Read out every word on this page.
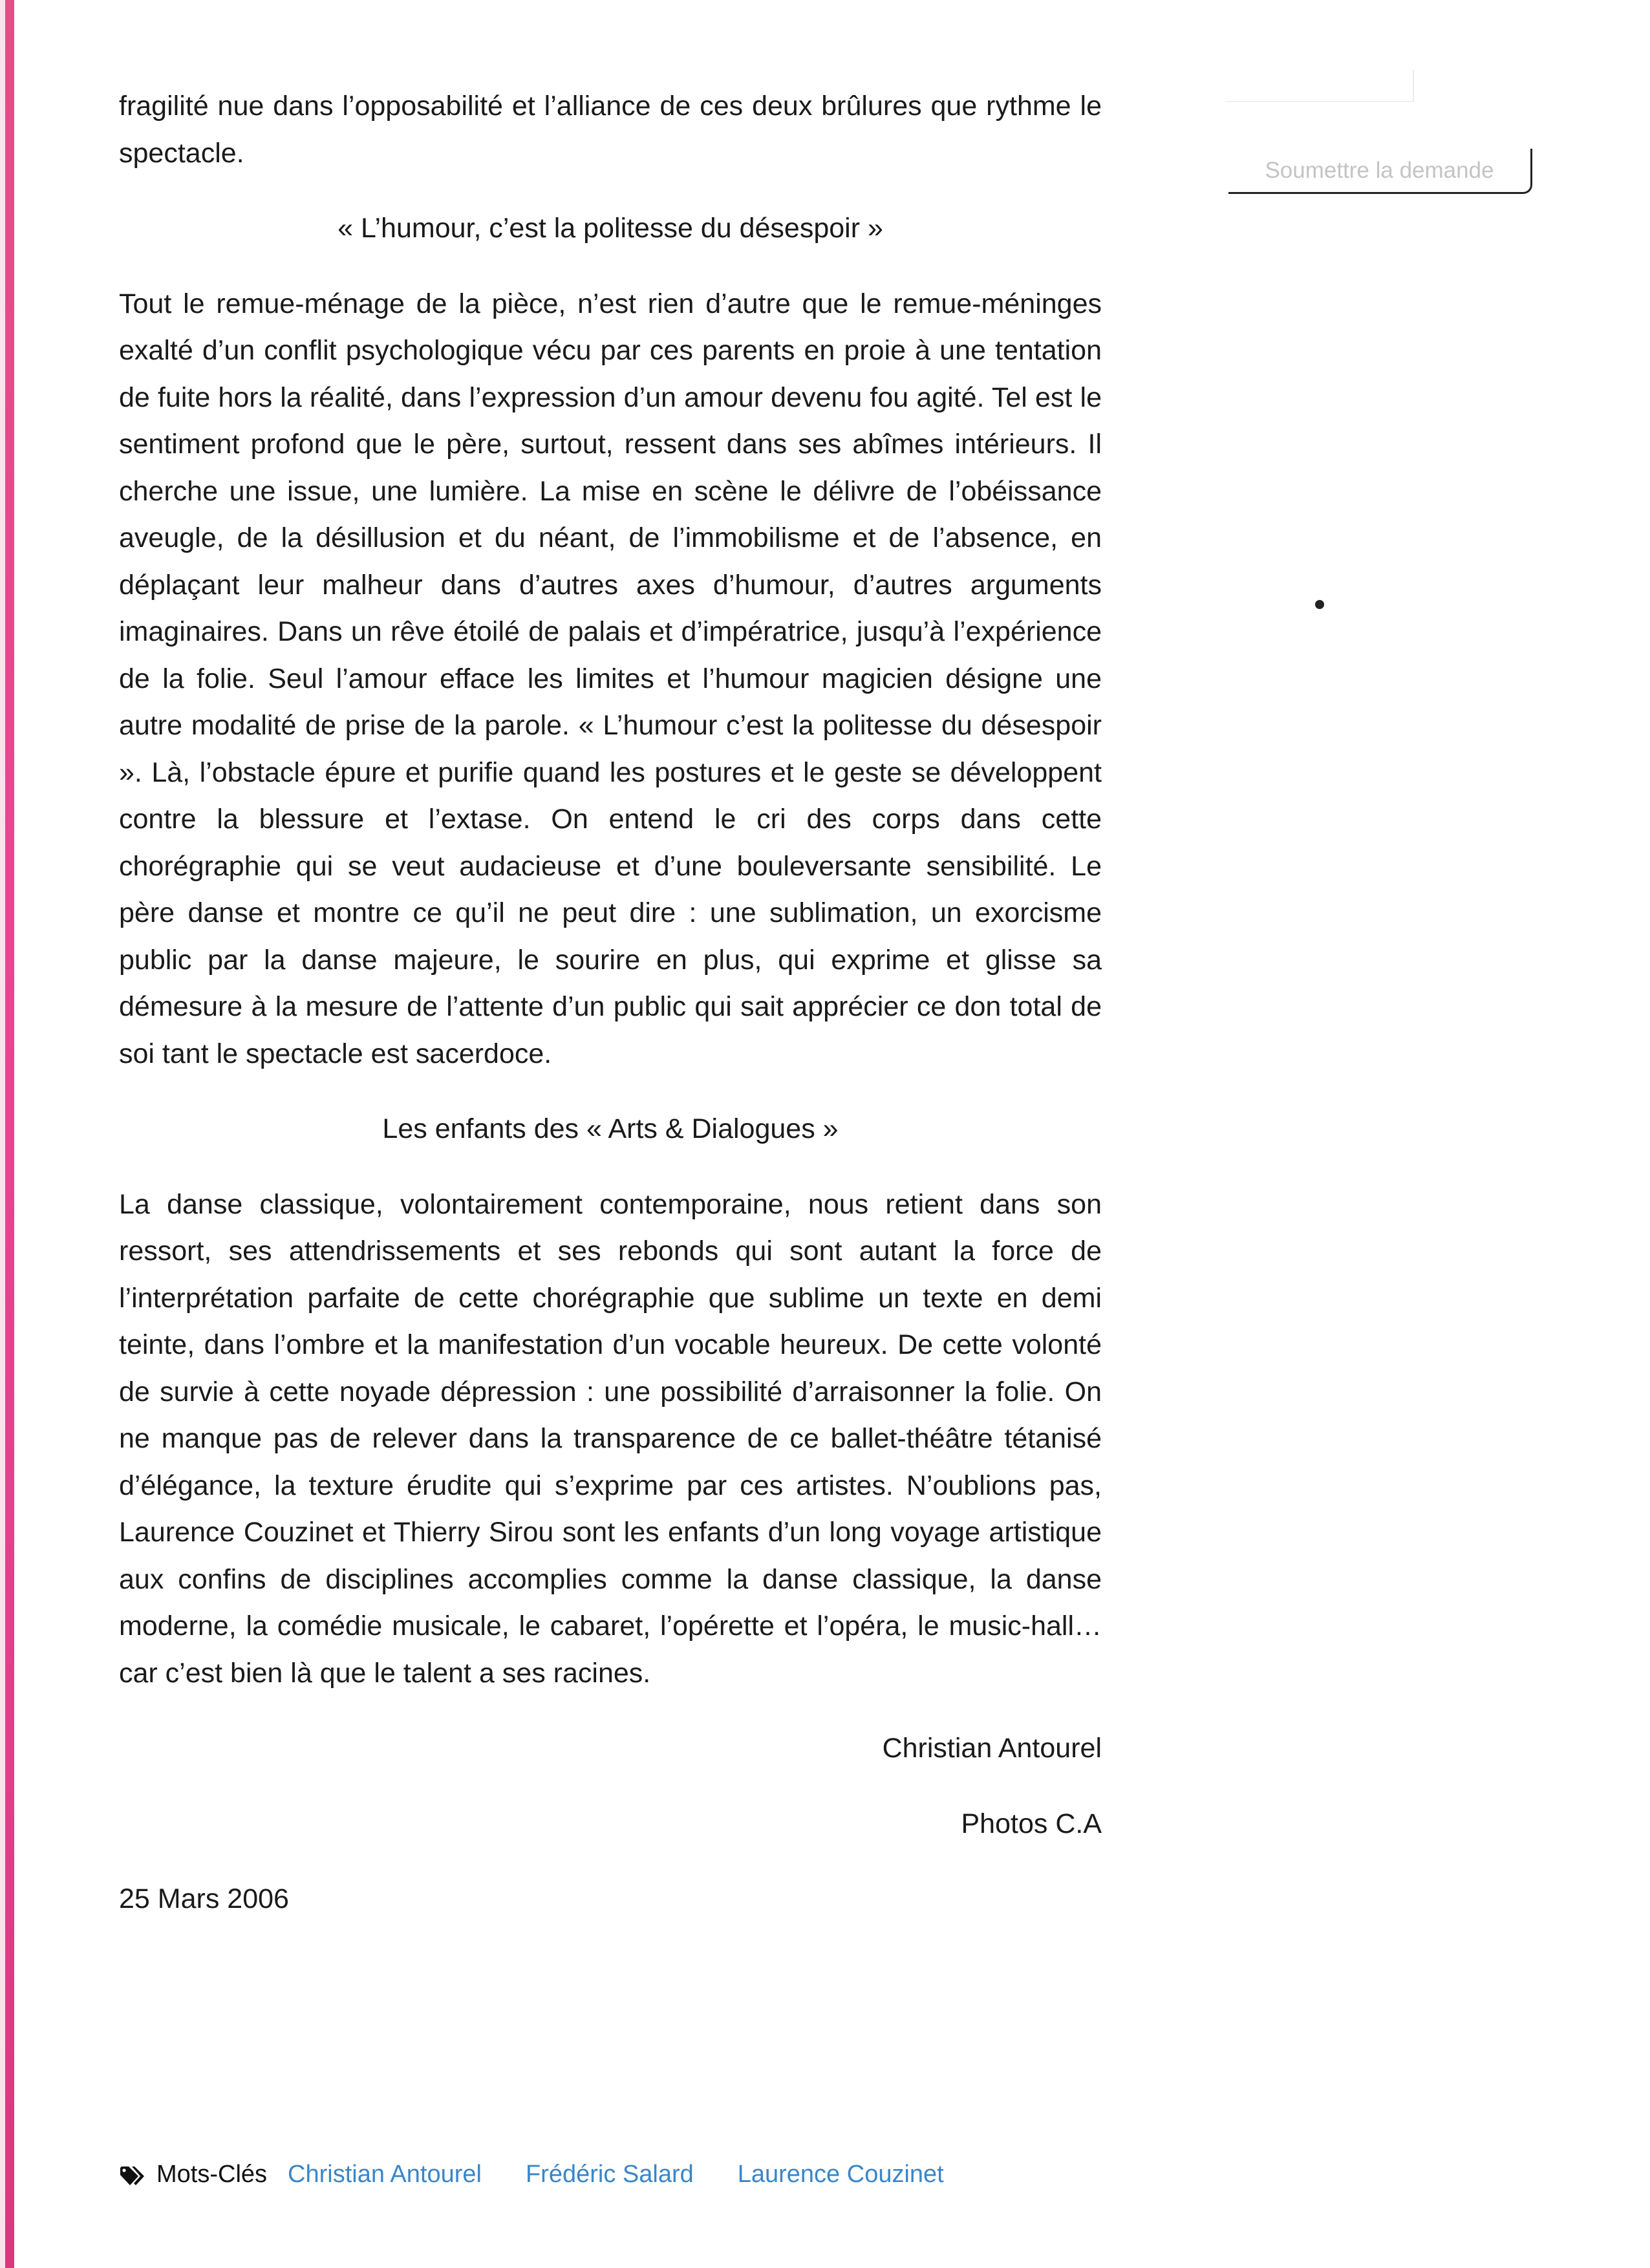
Soumettre la demande

fragilité nue dans l’opposabilité et l’alliance de ces deux brûlures que rythme le spectacle.

« L’humour, c’est la politesse du désespoir »

Tout le remue-ménage de la pièce, n’est rien d’autre que le remue-méninges exalté d’un conflit psychologique vécu par ces parents en proie à une tentation de fuite hors la réalité, dans l’expression d’un amour devenu fou agité. Tel est le sentiment profond que le père, surtout, ressent dans ses abîmes intérieurs. Il cherche une issue, une lumière. La mise en scène le délivre de l’obéissance aveugle, de la désillusion et du néant, de l’immobilisme et de l’absence, en déplaçant leur malheur dans d’autres axes d’humour, d’autres arguments imaginaires. Dans un rêve étoilé de palais et d’impératrice, jusqu’à l’expérience de la folie. Seul l’amour efface les limites et l’humour magicien désigne une autre modalité de prise de la parole. « L’humour c’est la politesse du désespoir ». Là, l’obstacle épure et purifie quand les postures et le geste se développent contre la blessure et l’extase. On entend le cri des corps dans cette chorégraphie qui se veut audacieuse et d’une bouleversante sensibilité. Le père danse et montre ce qu’il ne peut dire : une sublimation, un exorcisme public par la danse majeure, le sourire en plus, qui exprime et glisse sa démesure à la mesure de l’attente d’un public qui sait apprécier ce don total de soi tant le spectacle est sacerdoce.

Les enfants des « Arts & Dialogues »

La danse classique, volontairement contemporaine, nous retient dans son ressort, ses attendrissements et ses rebonds qui sont autant la force de l’interprétation parfaite de cette chorégraphie que sublime un texte en demi teinte, dans l’ombre et la manifestation d’un vocable heureux. De cette volonté de survie à cette noyade dépression : une possibilité d’arraisonner la folie. On ne manque pas de relever dans la transparence de ce ballet-théâtre tétanisé d’élégance, la texture érudite qui s’exprime par ces artistes. N’oublions pas, Laurence Couzinet et Thierry Sirou sont les enfants d’un long voyage artistique aux confins de disciplines accomplies comme la danse classique, la danse moderne, la comédie musicale, le cabaret, l’opérette et l’opéra, le music-hall… car c’est bien là que le talent a ses racines.

Christian Antourel
Photos C.A
25 Mars 2006
Mots-Clés Christian Antourel Frédéric Salard Laurence Couzinet
